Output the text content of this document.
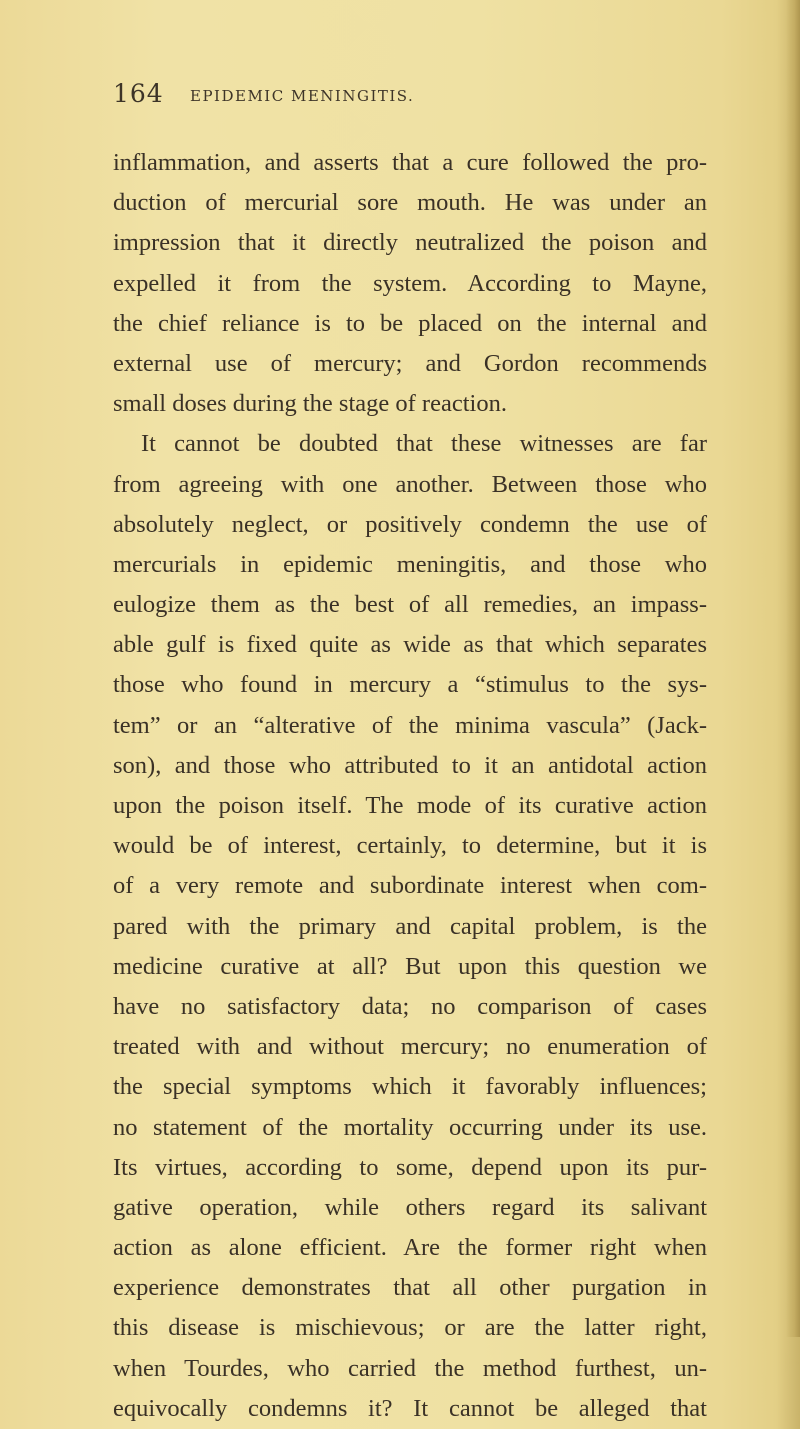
164 EPIDEMIC MENINGITIS.
inflammation, and asserts that a cure followed the pro-
duction of mercurial sore mouth. He was under an
impression that it directly neutralized the poison and
expelled it from the system. According to Mayne,
the chief reliance is to be placed on the internal and
external use of mercury; and Gordon recommends
small doses during the stage of reaction.
It cannot be doubted that these witnesses are far
from agreeing with one another. Between those who
absolutely neglect, or positively condemn the use of
mercurials in epidemic meningitis, and those who
eulogize them as the best of all remedies, an impass-
able gulf is fixed quite as wide as that which separates
those who found in mercury a “stimulus to the sys-
tem” or an “alterative of the minima vascula” (Jack-
son), and those who attributed to it an antidotal action
upon the poison itself. The mode of its curative action
would be of interest, certainly, to determine, but it is
of a very remote and subordinate interest when com-
pared with the primary and capital problem, is the
medicine curative at all? But upon this question we
have no satisfactory data; no comparison of cases
treated with and without mercury; no enumeration of
the special symptoms which it favorably influences;
no statement of the mortality occurring under its use.
Its virtues, according to some, depend upon its pur-
gative operation, while others regard its salivant
action as alone efficient. Are the former right when
experience demonstrates that all other purgation in
this disease is mischievous; or are the latter right,
when Tourdes, who carried the method furthest, un-
equivocally condemns it? It cannot be alleged that
